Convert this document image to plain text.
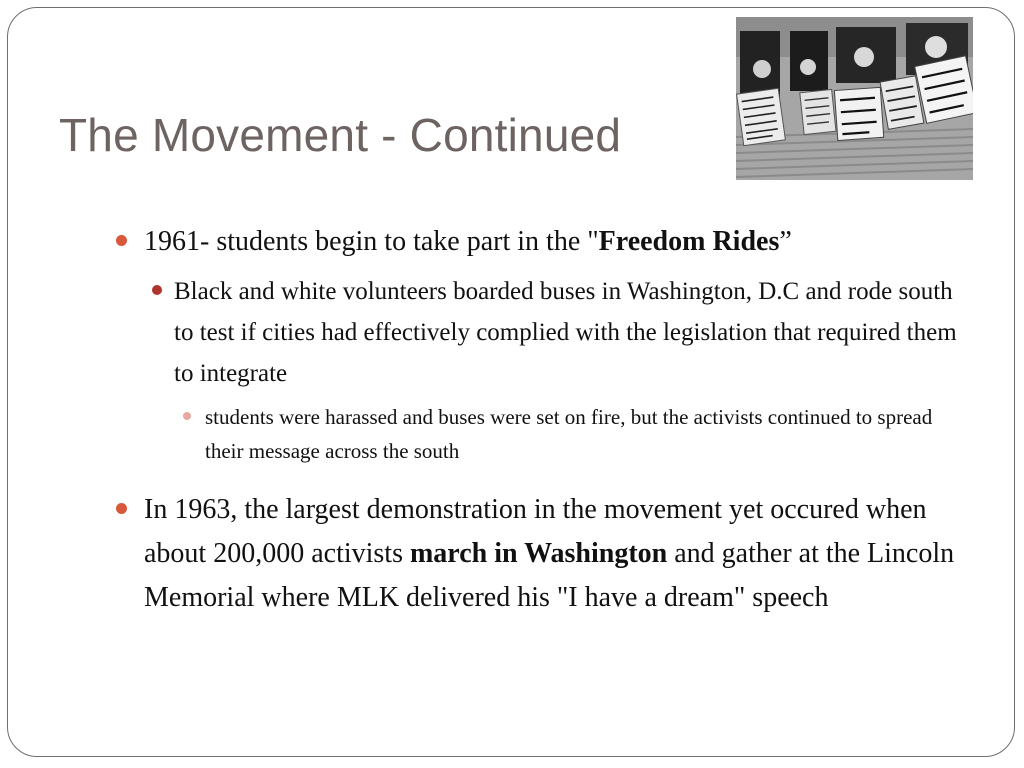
The Movement - Continued
1961- students begin to take part in the "Freedom Rides”
Black and white volunteers boarded buses in Washington, D.C and rode south to test if cities had effectively complied with the legislation that required them to integrate
students were harassed and buses were set on fire, but the activists continued to spread their message across the south
In 1963, the largest demonstration in the movement yet occured when about 200,000 activists march in Washington and gather at the Lincoln Memorial where MLK delivered his "I have a dream" speech
